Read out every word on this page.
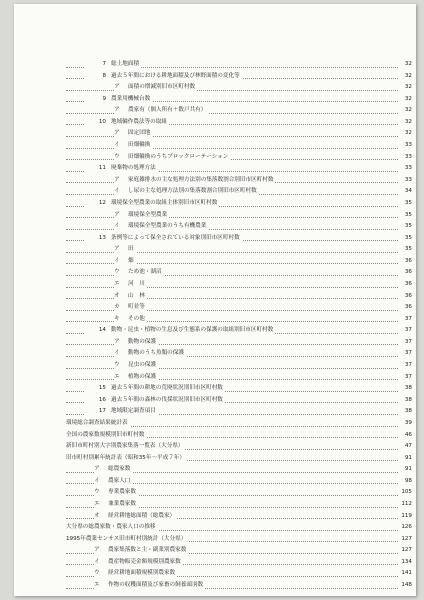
7 総土地面積	32
8 過去５年間における耕地面積及び林野面積の変化等	32
ア 面積の増減別旧市区町村数	32
9 農業用機械台数	32
ア 農家有（個人所有＋数戸共有）	32
10 地域輪作農法等の取組	32
ア 固定団地	32
イ 田畑輪換	33
ウ 田畑輪換のうちブロックローテーション	33
11 廃棄物の処理方法	33
ア 家庭雑排水の主な処理方法別の集落数割合別旧市区町村数	33
イ し尿の主な処理方法別の集落数割合別旧市区町村数	34
12 環境保全型農業の取組主体別旧市区町村数	35
ア 環境保全型農業	35
イ 環境保全型農業のうち有機農業	35
13 条例等によって保全されている対象別旧市区町村数	35
ア 田	35
イ 畑	36
ウ ため池・湖沼	36
エ 河　川	36
オ 山　林	36
カ 町並等	36
キ その他	37
14 動物・昆虫・植物の生息及び生態系の保護の取組別旧市区町村数	37
ア 動物の保護	37
イ 動物のうち魚類の保護	37
ウ 昆虫の保護	37
エ 植物の保護	37
15 過去５年間の耕地の荒廃状況別旧市区町村数	38
16 過去５年間の森林の伐採状況別旧市区町村数	38
17 地域限定調査項目	38
環境総合調査結果統計表	39
全国の農家数規模別旧市町村数	46
新旧市町村別大字別農家集落一覧表（大分県）	47
旧市町村別累年統計表（昭和35年～平成７年）	91
ア 総農家数	91
イ 農家人口	98
ウ 専業農家数	105
エ 兼業農家数	112
オ 経営耕地総面積（総農家）	119
大分県の総農家数・農家人口の推移	126
1995年農業センサス旧市町村別統計（大分県）	127
ア 農家集落数と主・副業別農家数	127
イ 農産物販売金額規模別農家数	134
ウ 経営耕地面積規模別農家数	141
エ 作物の収穫面積及び家畜の飼養頭羽数	148
